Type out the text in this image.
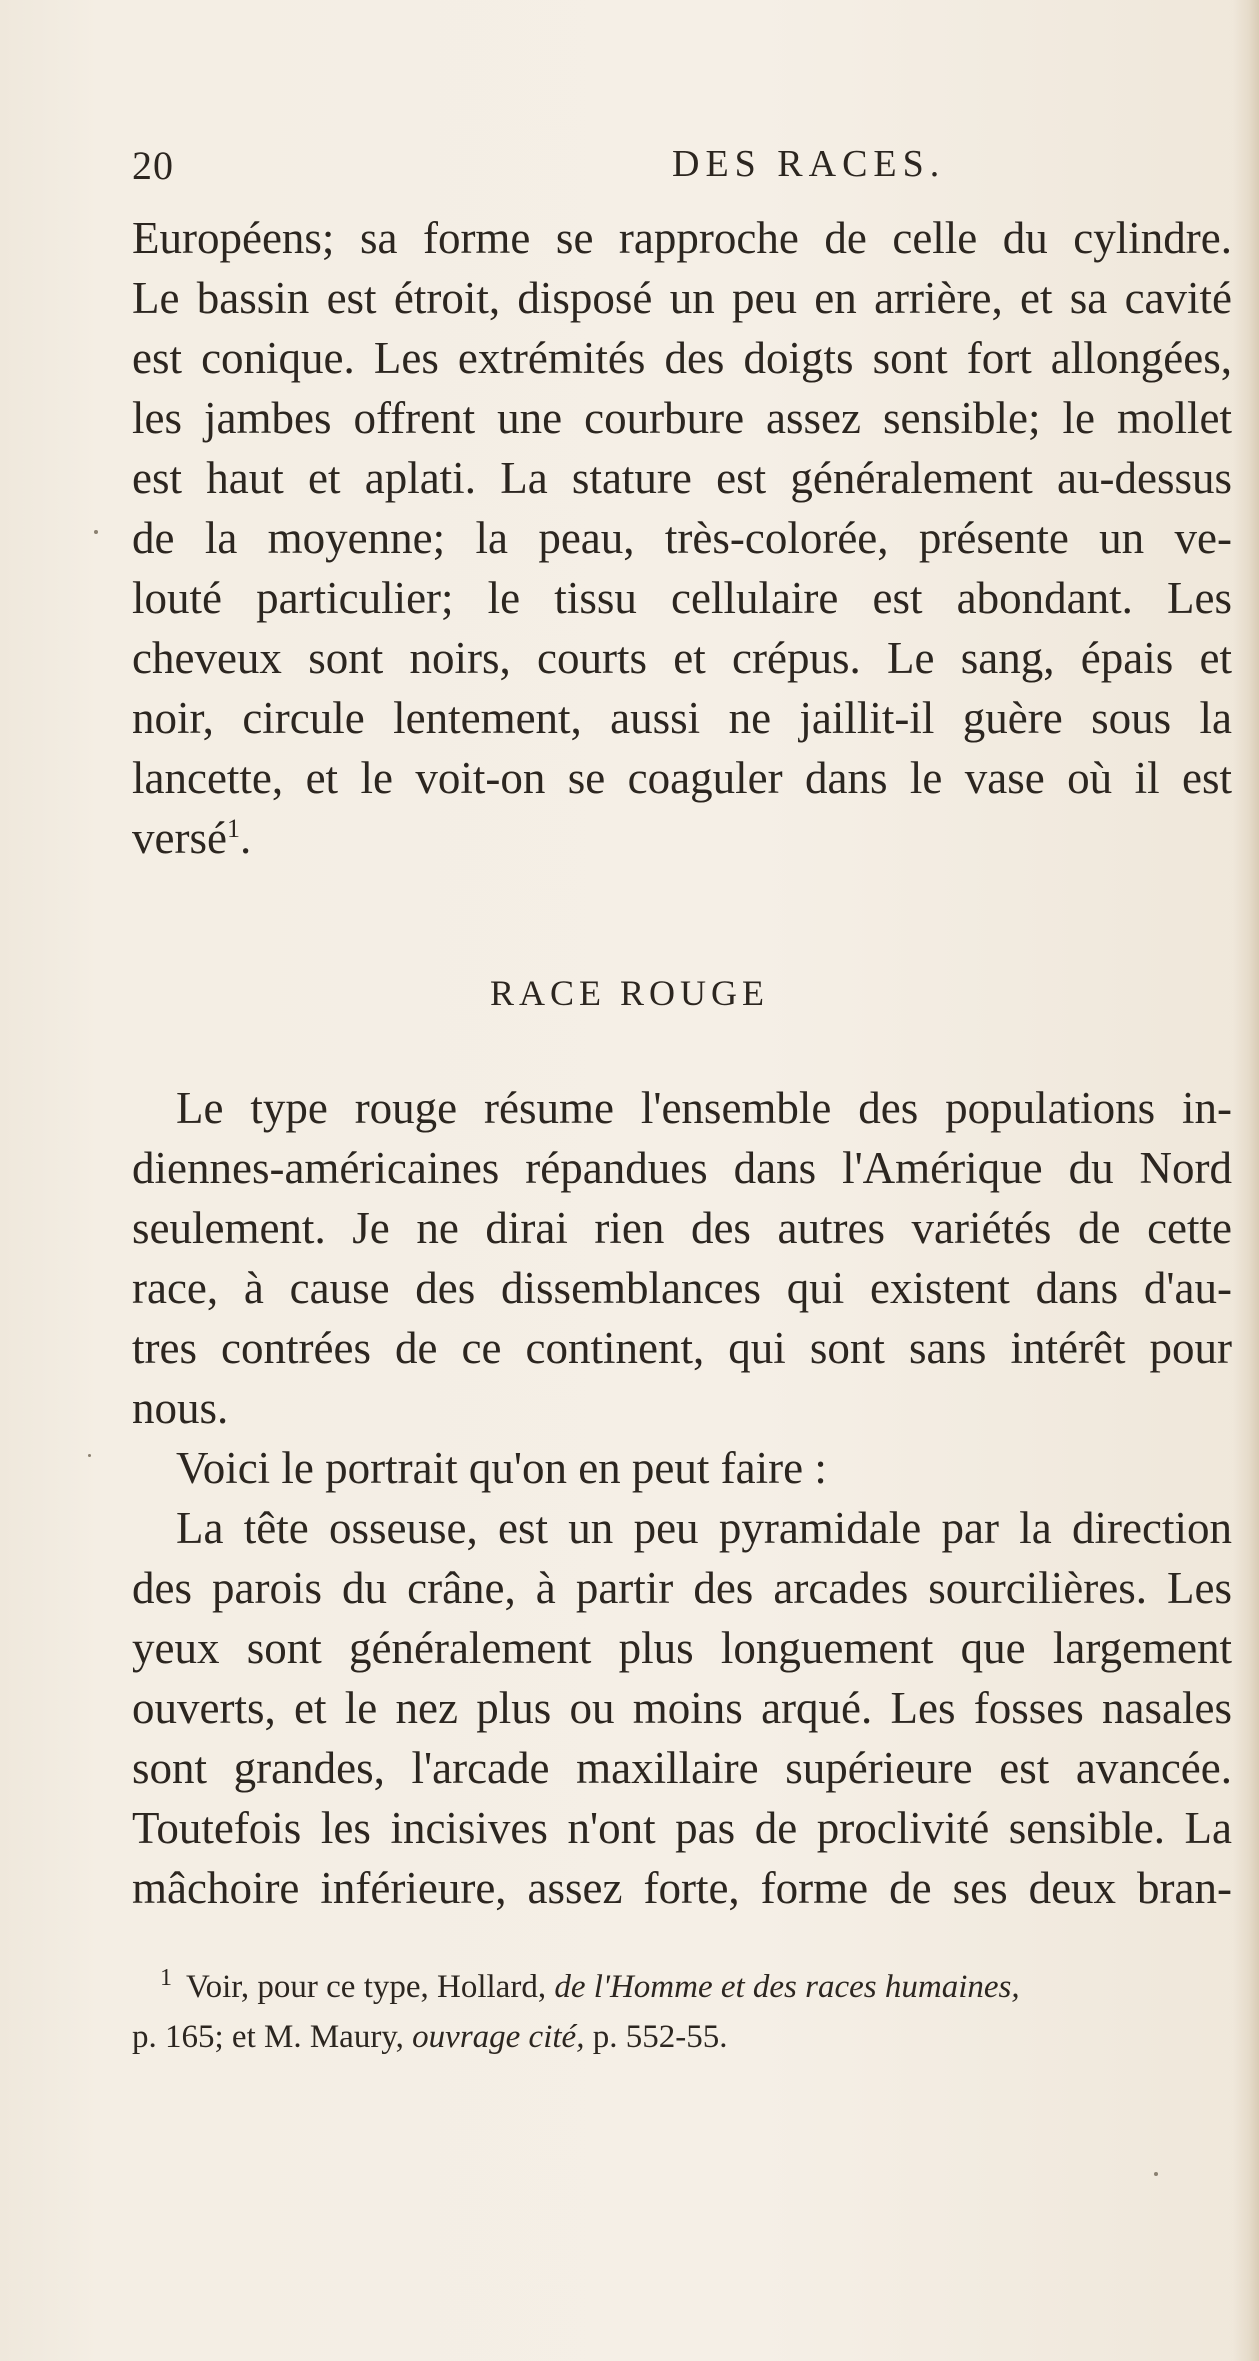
20	DES RACES.
Européens; sa forme se rapproche de celle du cylindre.
Le bassin est étroit, disposé un peu en arrière, et sa cavité
est conique. Les extrémités des doigts sont fort allongées,
les jambes offrent une courbure assez sensible; le mollet
est haut et aplati. La stature est généralement au-dessus
de la moyenne; la peau, très-colorée, présente un ve-
louté particulier; le tissu cellulaire est abondant. Les
cheveux sont noirs, courts et crépus. Le sang, épais et
noir, circule lentement, aussi ne jaillit-il guère sous la
lancette, et le voit-on se coaguler dans le vase où il est
versé$^1$.
RACE ROUGE
Le type rouge résume l'ensemble des populations in-
diennes-américaines répandues dans l'Amérique du Nord
seulement. Je ne dirai rien des autres variétés de cette
race, à cause des dissemblances qui existent dans d'au-
tres contrées de ce continent, qui sont sans intérêt pour
nous.
Voici le portrait qu'on en peut faire :
La tête osseuse, est un peu pyramidale par la direction
des parois du crâne, à partir des arcades sourcilières. Les
yeux sont généralement plus longuement que largement
ouverts, et le nez plus ou moins arqué. Les fosses nasales
sont grandes, l'arcade maxillaire supérieure est avancée.
Toutefois les incisives n'ont pas de proclivité sensible. La
mâchoire inférieure, assez forte, forme de ses deux bran-
$^1$ Voir, pour ce type, Hollard, de l'Homme et des races humaines,
p. 165; et M. Maury, ouvrage cité, p. 552-55.
